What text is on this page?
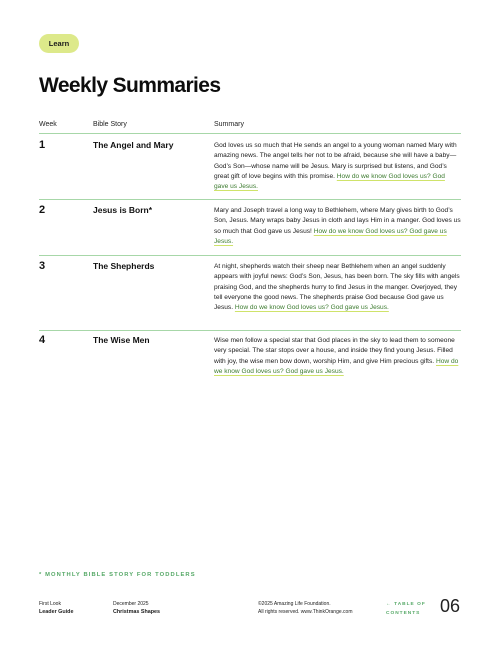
Learn
Weekly Summaries
Week	Bible Story	Summary
1	The Angel and Mary	God loves us so much that He sends an angel to a young woman named Mary with amazing news. The angel tells her not to be afraid, because she will have a baby—God’s Son—whose name will be Jesus. Mary is surprised but listens, and God’s great gift of love begins with this promise. How do we know God loves us? God gave us Jesus.

2	Jesus is Born*	Mary and Joseph travel a long way to Bethlehem, where Mary gives birth to God’s Son, Jesus. Mary wraps baby Jesus in cloth and lays Him in a manger. God loves us so much that God gave us Jesus! How do we know God loves us? God gave us Jesus.

3	The Shepherds	At night, shepherds watch their sheep near Bethlehem when an angel suddenly appears with joyful news: God’s Son, Jesus, has been born. The sky fills with angels praising God, and the shepherds hurry to find Jesus in the manger. Overjoyed, they tell everyone the good news. The shepherds praise God because God gave us Jesus. How do we know God loves us? God gave us Jesus.

4	The Wise Men	Wise men follow a special star that God places in the sky to lead them to someone very special. The star stops over a house, and inside they find young Jesus. Filled with joy, the wise men bow down, worship Him, and give Him precious gifts. How do we know God loves us? God gave us Jesus.

* MONTHLY BIBLE STORY FOR TODDLERS
First Look
Leader Guide
December 2025
Christmas Shapes
©2025 Amazing Life Foundation.
All rights reserved. www.ThinkOrange.com
← TABLE OF
CONTENTS 06
